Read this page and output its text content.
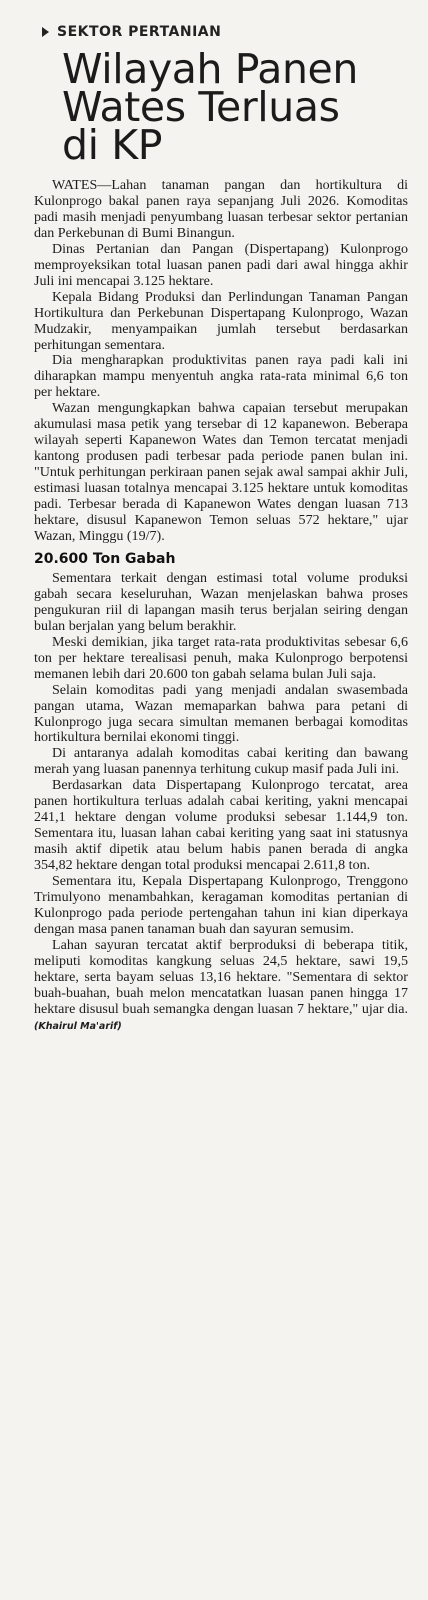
SEKTOR PERTANIAN
Wilayah Panen
Wates Terluas
di KP

WATES—Lahan tanaman pangan dan hortikultura di Kulonprogo bakal panen raya sepanjang Juli 2026. Komoditas padi masih menjadi penyumbang luasan terbesar sektor pertanian dan Perkebunan di Bumi Binangun.

Dinas Pertanian dan Pangan (Dispertapang) Kulonprogo memproyeksikan total luasan panen padi dari awal hingga akhir Juli ini mencapai 3.125 hektare.

Kepala Bidang Produksi dan Perlindungan Tanaman Pangan Hortikultura dan Perkebunan Dispertapang Kulonprogo, Wazan Mudzakir, menyampaikan jumlah tersebut berdasarkan perhitungan sementara.

Dia mengharapkan produktivitas panen raya padi kali ini diharapkan mampu menyentuh angka rata-rata minimal 6,6 ton per hektare.

Wazan mengungkapkan bahwa capaian tersebut merupakan akumulasi masa petik yang tersebar di 12 kapanewon. Beberapa wilayah seperti Kapanewon Wates dan Temon tercatat menjadi kantong produsen padi terbesar pada periode panen bulan ini. "Untuk perhitungan perkiraan panen sejak awal sampai akhir Juli, estimasi luasan totalnya mencapai 3.125 hektare untuk komoditas padi. Terbesar berada di Kapanewon Wates dengan luasan 713 hektare, disusul Kapanewon Temon seluas 572 hektare," ujar Wazan, Minggu (19/7).

20.600 Ton Gabah

Sementara terkait dengan estimasi total volume produksi gabah secara keseluruhan, Wazan menjelaskan bahwa proses pengukuran riil di lapangan masih terus berjalan seiring dengan bulan berjalan yang belum berakhir.

Meski demikian, jika target rata-rata produktivitas sebesar 6,6 ton per hektare terealisasi penuh, maka Kulonprogo berpotensi memanen lebih dari 20.600 ton gabah selama bulan Juli saja.

Selain komoditas padi yang menjadi andalan swasembada pangan utama, Wazan memaparkan bahwa para petani di Kulonprogo juga secara simultan memanen berbagai komoditas hortikultura bernilai ekonomi tinggi.

Di antaranya adalah komoditas cabai keriting dan bawang merah yang luasan panennya terhitung cukup masif pada Juli ini.

Berdasarkan data Dispertapang Kulonprogo tercatat, area panen hortikultura terluas adalah cabai keriting, yakni mencapai 241,1 hektare dengan volume produksi sebesar 1.144,9 ton. Sementara itu, luasan lahan cabai keriting yang saat ini statusnya masih aktif dipetik atau belum habis panen berada di angka 354,82 hektare dengan total produksi mencapai 2.611,8 ton.

Sementara itu, Kepala Dispertapang Kulonprogo, Trenggono Trimulyono menambahkan, keragaman komoditas pertanian di Kulonprogo pada periode pertengahan tahun ini kian diperkaya dengan masa panen tanaman buah dan sayuran semusim.

Lahan sayuran tercatat aktif berproduksi di beberapa titik, meliputi komoditas kangkung seluas 24,5 hektare, sawi 19,5 hektare, serta bayam seluas 13,16 hektare. "Sementara di sektor buah-buahan, buah melon mencatatkan luasan panen hingga 17 hektare disusul buah semangka dengan luasan 7 hektare," ujar dia. (Khairul Ma'arif)
